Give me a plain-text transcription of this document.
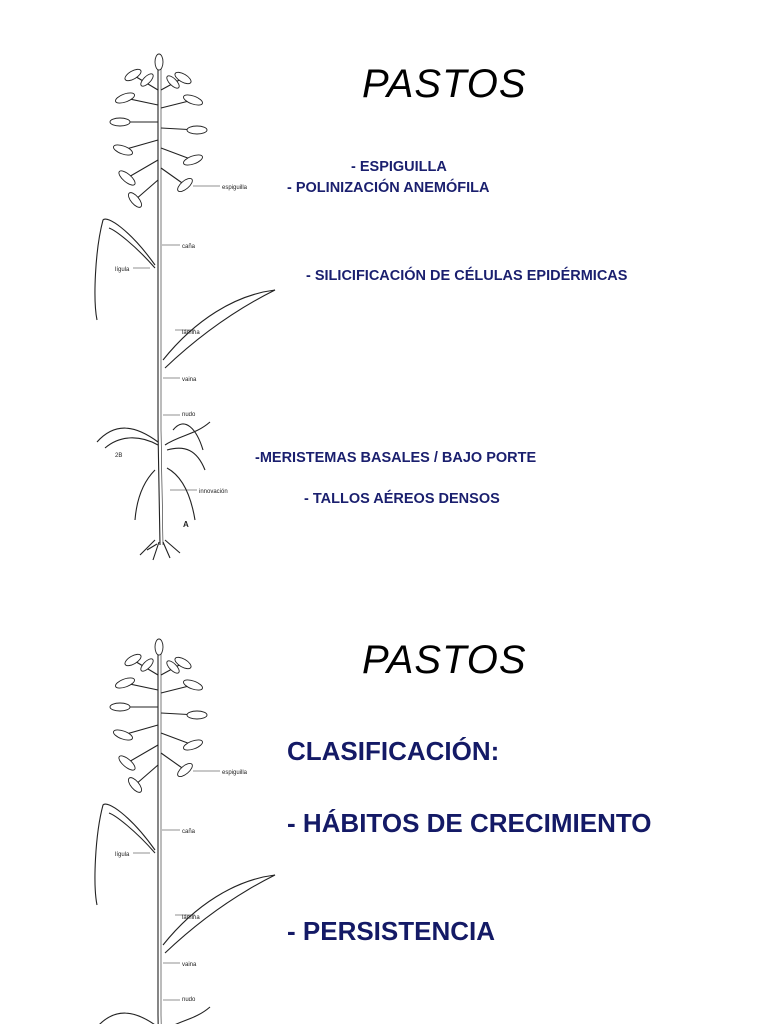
espiguilla
caña
lígula
lámina
vaina
nudo
innovación
2B
A
PASTOS
- ESPIGUILLA
- POLINIZACIÓN ANEMÓFILA
- SILICIFICACIÓN DE CÉLULAS EPIDÉRMICAS
-MERISTEMAS BASALES / BAJO PORTE
- TALLOS AÉREOS DENSOS
espiguilla
caña
lígula
lámina
vaina
nudo
PASTOS
CLASIFICACIÓN:
- HÁBITOS DE CRECIMIENTO
- PERSISTENCIA
